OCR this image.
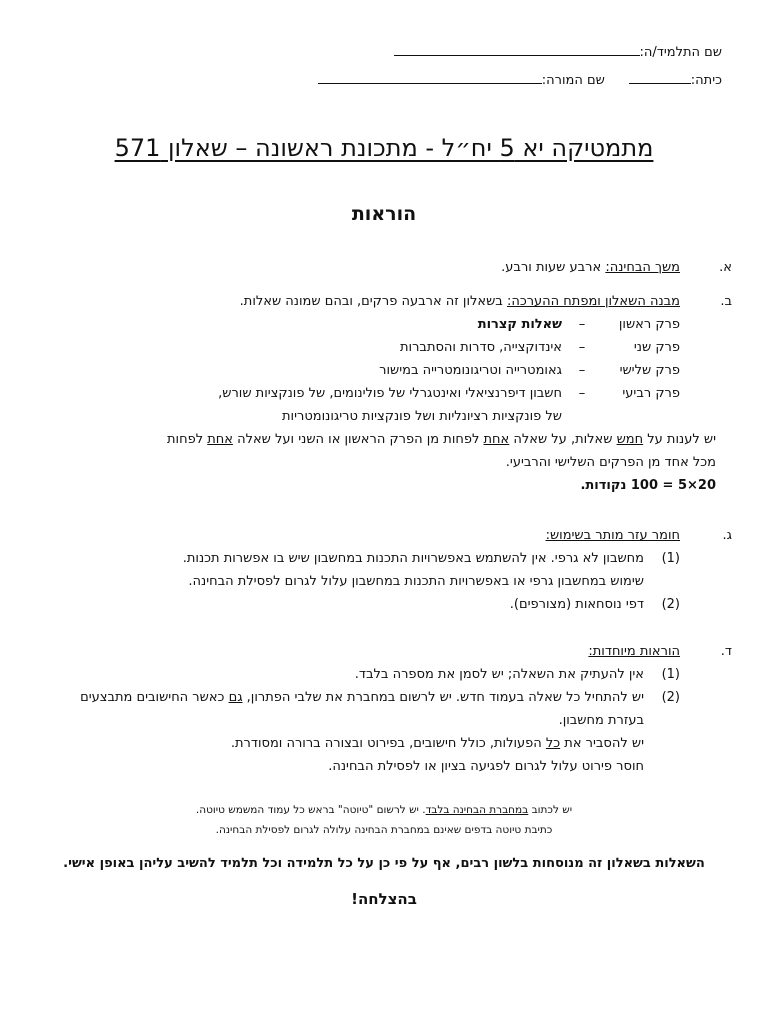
שם התלמיד/ה:
כיתה:שם המורה:
מתמטיקה יא 5 יח״ל - מתכונת ראשונה – שאלון 571
הוראות
א.
משך הבחינה: ארבע שעות ורבע.
ב.
מבנה השאלון ומפתח ההערכה: בשאלון זה ארבעה פרקים, ובהם שמונה שאלות.
פרק ראשון
–
שאלות קצרות
פרק שני
–
אינדוקצייה, סדרות והסתברות
פרק שלישי
–
גאומטרייה וטריגונומטרייה במישור
פרק רביעי
–
חשבון דיפרנציאלי ואינטגרלי של פולינומים, של פונקציות שורש,
של פונקציות רציונליות ושל פונקציות טריגונומטריות
יש לענות על חמש שאלות, על שאלה אחת לפחות מן הפרק הראשון או השני ועל שאלה אחת לפחות
מכל אחד מן הפרקים השלישי והרביעי.
20×5 = 100 נקודות.
ג.
חומר עזר מותר בשימוש:
(1)
מחשבון לא גרפי. אין להשתמש באפשרויות התכנות במחשבון שיש בו אפשרות תכנות.
שימוש במחשבון גרפי או באפשרויות התכנות במחשבון עלול לגרום לפסילת הבחינה.
(2)
דפי נוסחאות (מצורפים).
ד.
הוראות מיוחדות:
(1)
אין להעתיק את השאלה; יש לסמן את מספרה בלבד.
(2)
יש להתחיל כל שאלה בעמוד חדש. יש לרשום במחברת את שלבי הפתרון, גם כאשר החישובים מתבצעים
בעזרת מחשבון.
יש להסביר את כל הפעולות, כולל חישובים, בפירוט ובצורה ברורה ומסודרת.
חוסר פירוט עלול לגרום לפגיעה בציון או לפסילת הבחינה.
יש לכתוב במחברת הבחינה בלבד. יש לרשום "טיוטה" בראש כל עמוד המשמש טיוטה.
כתיבת טיוטה בדפים שאינם במחברת הבחינה עלולה לגרום לפסילת הבחינה.
השאלות בשאלון זה מנוסחות בלשון רבים, אף על פי כן על כל תלמידה וכל תלמיד להשיב עליהן באופן אישי.
בהצלחה!
